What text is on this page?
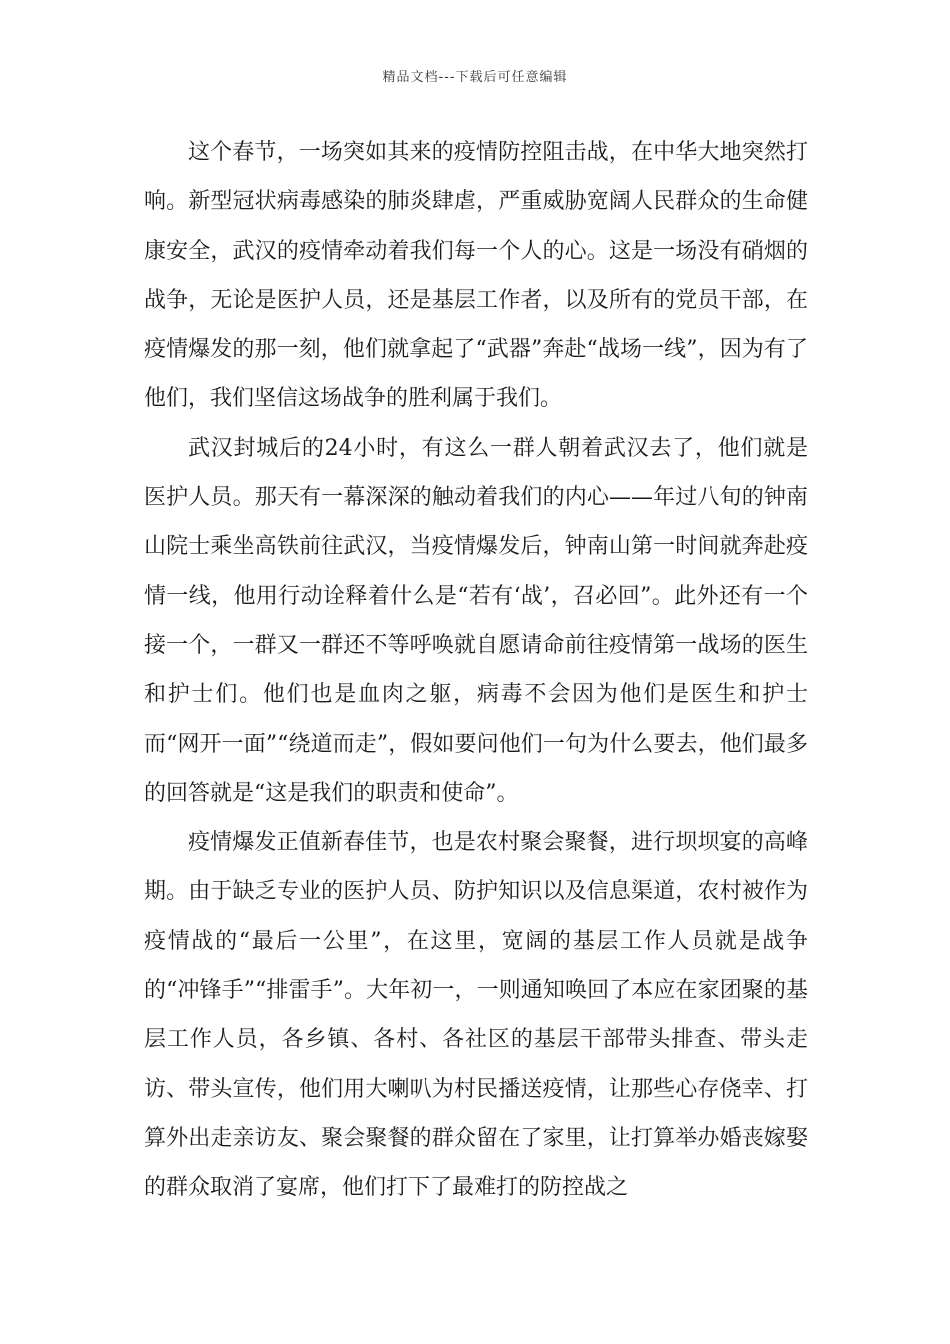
精品文档---下载后可任意编辑

这个春节，一场突如其来的疫情防控阻击战，在中华大地突然打响。新型冠状病毒感染的肺炎肆虐，严重威胁宽阔人民群众的生命健康安全，武汉的疫情牵动着我们每一个人的心。这是一场没有硝烟的战争，无论是医护人员，还是基层工作者，以及所有的党员干部，在疫情爆发的那一刻，他们就拿起了“武器”奔赴“战场一线”，因为有了他们，我们坚信这场战争的胜利属于我们。

武汉封城后的24小时，有这么一群人朝着武汉去了，他们就是医护人员。那天有一幕深深的触动着我们的内心——年过八旬的钟南山院士乘坐高铁前往武汉，当疫情爆发后，钟南山第一时间就奔赴疫情一线，他用行动诠释着什么是“若有‘战’，召必回”。此外还有一个接一个，一群又一群还不等呼唤就自愿请命前往疫情第一战场的医生和护士们。他们也是血肉之躯，病毒不会因为他们是医生和护士而“网开一面”“绕道而走”，假如要问他们一句为什么要去，他们最多的回答就是“这是我们的职责和使命”。

疫情爆发正值新春佳节，也是农村聚会聚餐，进行坝坝宴的高峰期。由于缺乏专业的医护人员、防护知识以及信息渠道，农村被作为疫情战的“最后一公里”，在这里，宽阔的基层工作人员就是战争的“冲锋手”“排雷手”。大年初一，一则通知唤回了本应在家团聚的基层工作人员，各乡镇、各村、各社区的基层干部带头排查、带头走访、带头宣传，他们用大喇叭为村民播送疫情，让那些心存侥幸、打算外出走亲访友、聚会聚餐的群众留在了家里，让打算举办婚丧嫁娶的群众取消了宴席，他们打下了最难打的防控战之
